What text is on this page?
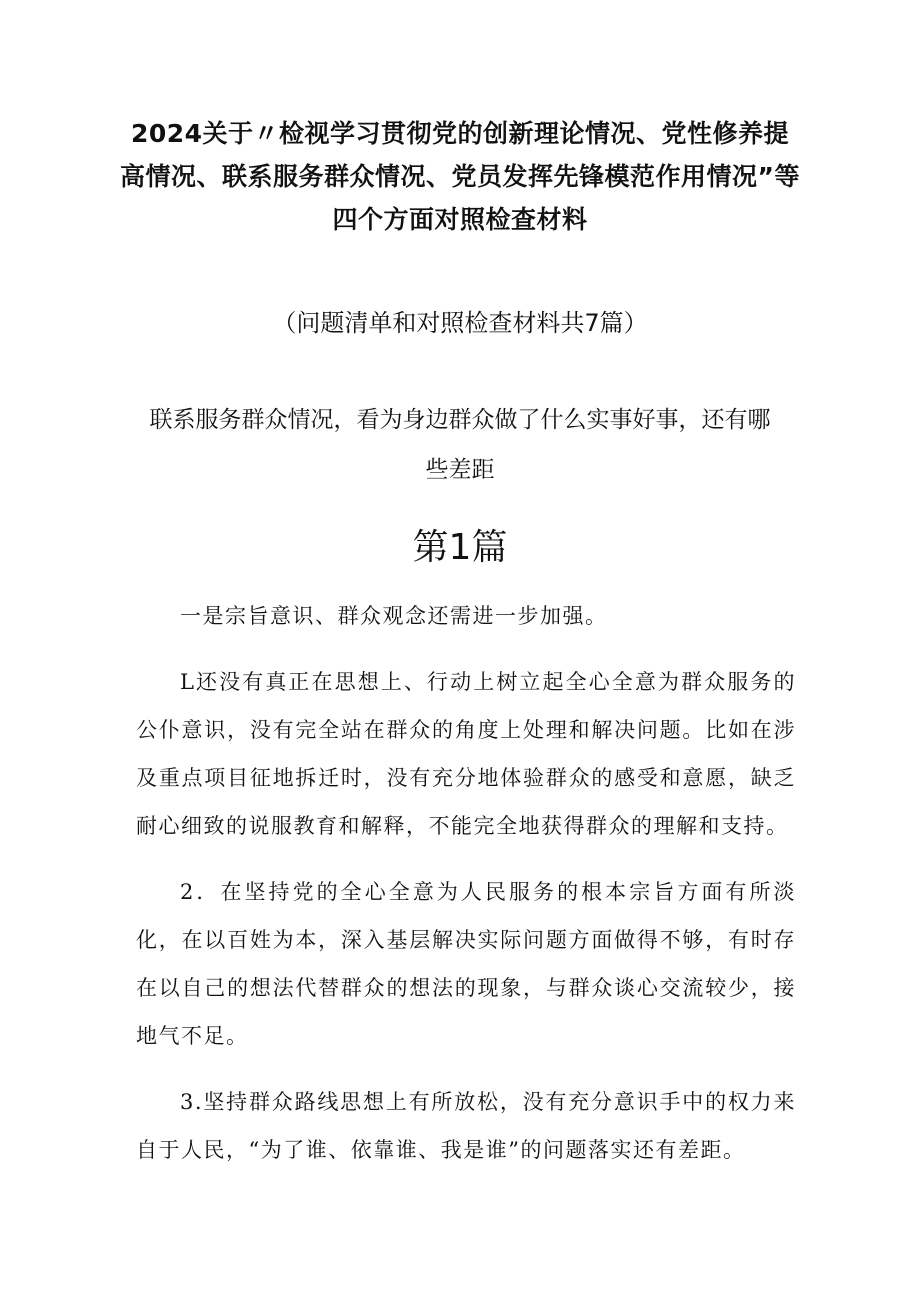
2024关于〃检视学习贯彻党的创新理论情况、党性修养提高情况、联系服务群众情况、党员发挥先锋模范作用情况”等四个方面对照检查材料
（问题清单和对照检查材料共7篇）
联系服务群众情况，看为身边群众做了什么实事好事，还有哪些差距
第1篇

一是宗旨意识、群众观念还需进一步加强。

L还没有真正在思想上、行动上树立起全心全意为群众服务的公仆意识，没有完全站在群众的角度上处理和解决问题。比如在涉及重点项目征地拆迁时，没有充分地体验群众的感受和意愿，缺乏耐心细致的说服教育和解释，不能完全地获得群众的理解和支持。

2．在坚持党的全心全意为人民服务的根本宗旨方面有所淡化，在以百姓为本，深入基层解决实际问题方面做得不够，有时存在以自己的想法代替群众的想法的现象，与群众谈心交流较少，接地气不足。

3.坚持群众路线思想上有所放松，没有充分意识手中的权力来自于人民，“为了谁、依靠谁、我是谁”的问题落实还有差距。
